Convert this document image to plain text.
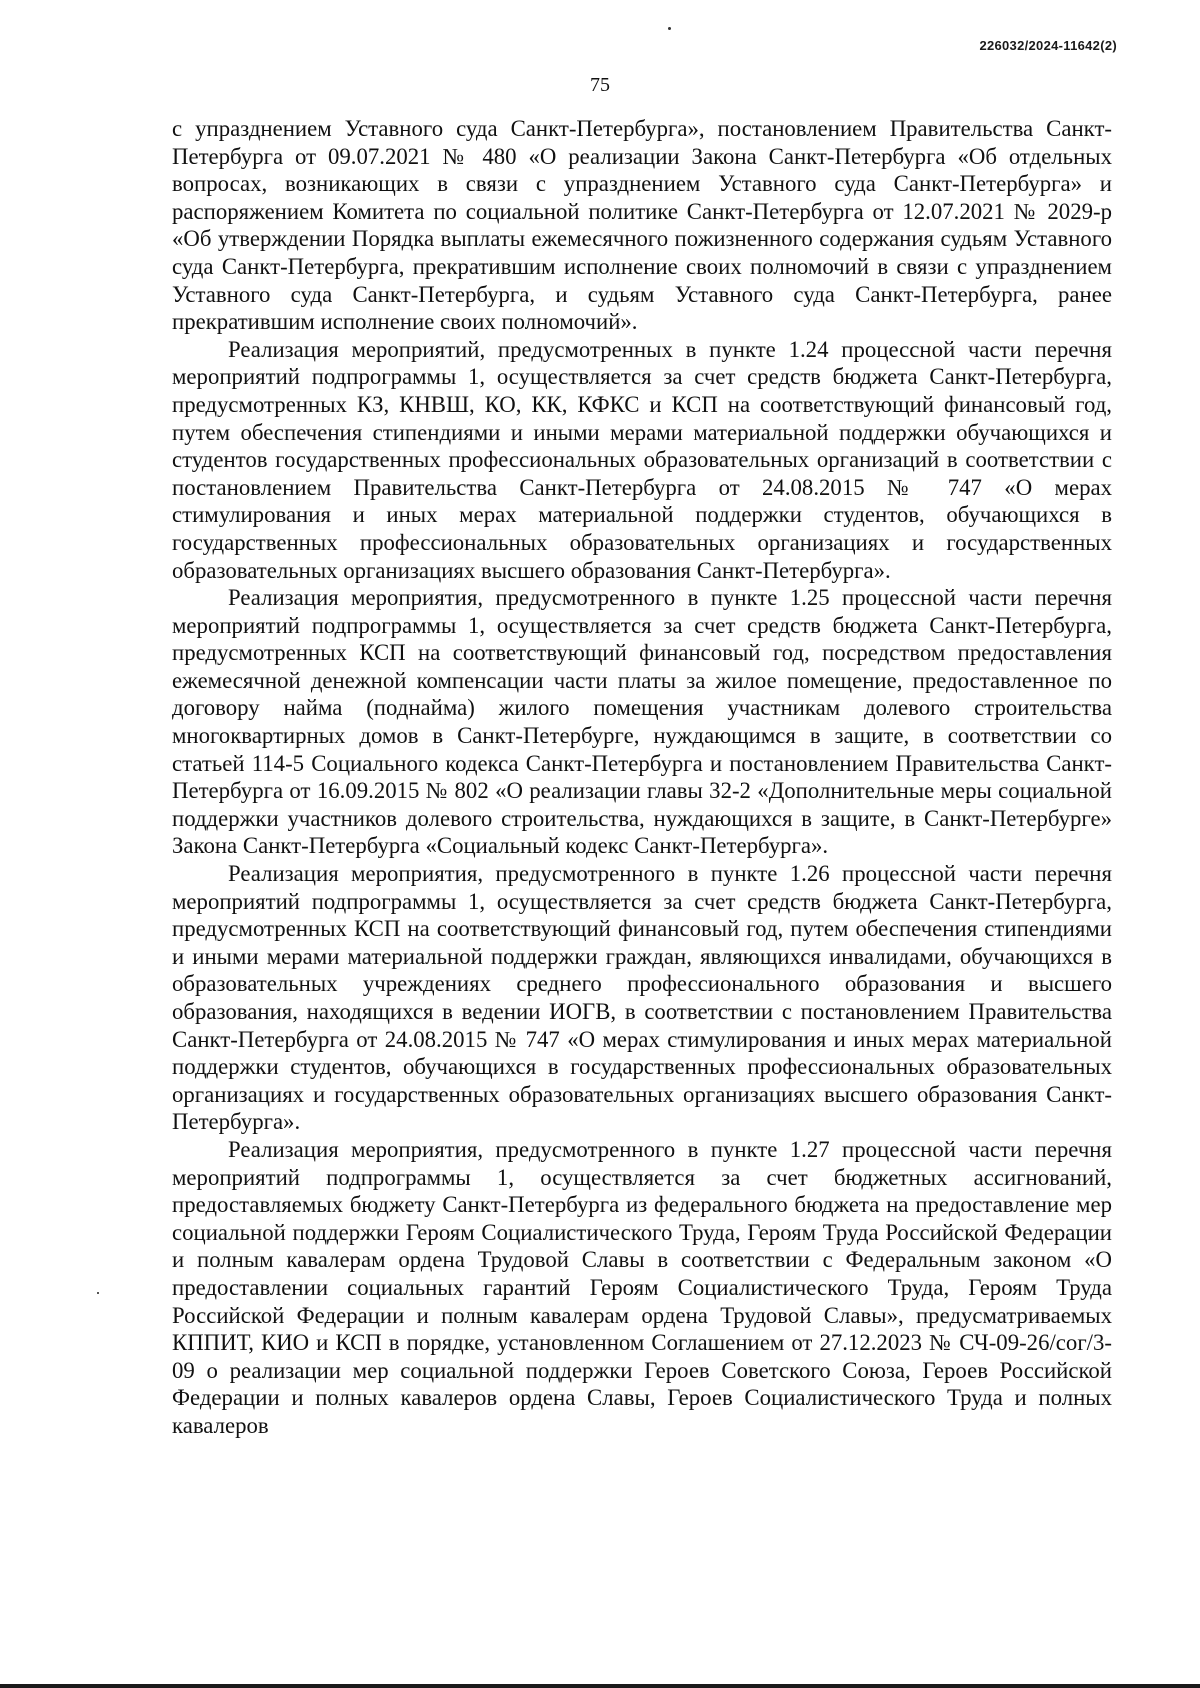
226032/2024-11642(2)
75

с упразднением Уставного суда Санкт-Петербурга», постановлением Правительства Санкт-Петербурга от 09.07.2021 № 480 «О реализации Закона Санкт-Петербурга «Об отдельных вопросах, возникающих в связи с упразднением Уставного суда Санкт-Петербурга» и распоряжением Комитета по социальной политике Санкт-Петербурга от 12.07.2021 № 2029-р «Об утверждении Порядка выплаты ежемесячного пожизненного содержания судьям Уставного суда Санкт-Петербурга, прекратившим исполнение своих полномочий в связи с упразднением Уставного суда Санкт-Петербурга, и судьям Уставного суда Санкт-Петербурга, ранее прекратившим исполнение своих полномочий».

Реализация мероприятий, предусмотренных в пункте 1.24 процессной части перечня мероприятий подпрограммы 1, осуществляется за счет средств бюджета Санкт-Петербурга, предусмотренных КЗ, КНВШ, КО, КК, КФКС и КСП на соответствующий финансовый год, путем обеспечения стипендиями и иными мерами материальной поддержки обучающихся и студентов государственных профессиональных образовательных организаций в соответствии с постановлением Правительства Санкт-Петербурга от 24.08.2015 № 747 «О мерах стимулирования и иных мерах материальной поддержки студентов, обучающихся в государственных профессиональных образовательных организациях и государственных образовательных организациях высшего образования Санкт-Петербурга».

Реализация мероприятия, предусмотренного в пункте 1.25 процессной части перечня мероприятий подпрограммы 1, осуществляется за счет средств бюджета Санкт-Петербурга, предусмотренных КСП на соответствующий финансовый год, посредством предоставления ежемесячной денежной компенсации части платы за жилое помещение, предоставленное по договору найма (поднайма) жилого помещения участникам долевого строительства многоквартирных домов в Санкт-Петербурге, нуждающимся в защите, в соответствии со статьей 114-5 Социального кодекса Санкт-Петербурга и постановлением Правительства Санкт-Петербурга от 16.09.2015 № 802 «О реализации главы 32-2 «Дополнительные меры социальной поддержки участников долевого строительства, нуждающихся в защите, в Санкт-Петербурге» Закона Санкт-Петербурга «Социальный кодекс Санкт-Петербурга».

Реализация мероприятия, предусмотренного в пункте 1.26 процессной части перечня мероприятий подпрограммы 1, осуществляется за счет средств бюджета Санкт-Петербурга, предусмотренных КСП на соответствующий финансовый год, путем обеспечения стипендиями и иными мерами материальной поддержки граждан, являющихся инвалидами, обучающихся в образовательных учреждениях среднего профессионального образования и высшего образования, находящихся в ведении ИОГВ, в соответствии с постановлением Правительства Санкт-Петербурга от 24.08.2015 № 747 «О мерах стимулирования и иных мерах материальной поддержки студентов, обучающихся в государственных профессиональных образовательных организациях и государственных образовательных организациях высшего образования Санкт-Петербурга».

Реализация мероприятия, предусмотренного в пункте 1.27 процессной части перечня мероприятий подпрограммы 1, осуществляется за счет бюджетных ассигнований, предоставляемых бюджету Санкт-Петербурга из федерального бюджета на предоставление мер социальной поддержки Героям Социалистического Труда, Героям Труда Российской Федерации и полным кавалерам ордена Трудовой Славы в соответствии с Федеральным законом «О предоставлении социальных гарантий Героям Социалистического Труда, Героям Труда Российской Федерации и полным кавалерам ордена Трудовой Славы», предусматриваемых КППИТ, КИО и КСП в порядке, установленном Соглашением от 27.12.2023 № СЧ-09-26/сог/3-09 о реализации мер социальной поддержки Героев Советского Союза, Героев Российской Федерации и полных кавалеров ордена Славы, Героев Социалистического Труда и полных кавалеров
